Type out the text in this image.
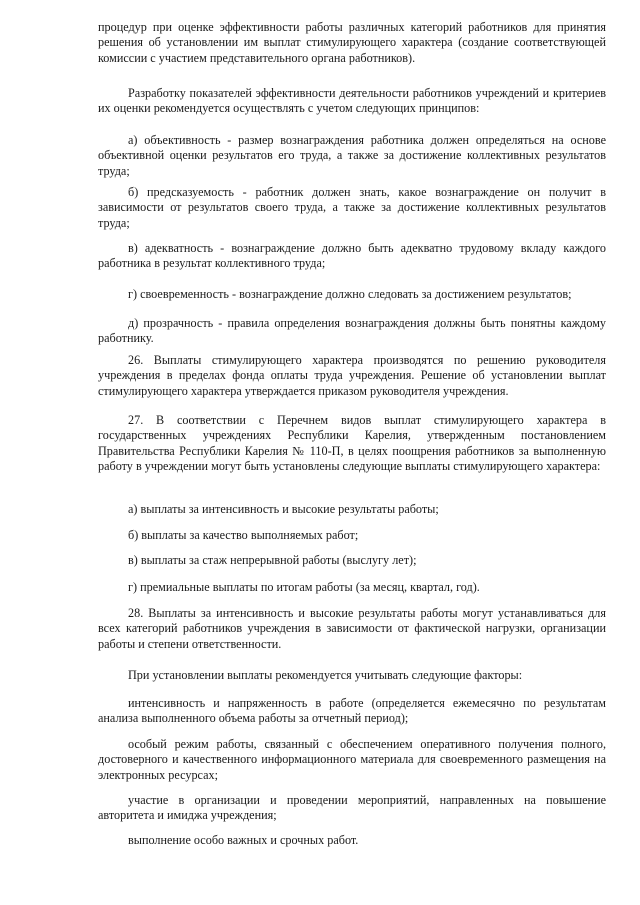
процедур при оценке эффективности работы различных категорий работников для принятия решения об установлении им выплат стимулирующего характера (создание соответствующей комиссии с участием представительного органа работников).

Разработку показателей эффективности деятельности работников учреждений и критериев их оценки рекомендуется осуществлять с учетом следующих принципов:

а) объективность - размер вознаграждения работника должен определяться на основе объективной оценки результатов его труда, а также за достижение коллективных результатов труда;

б) предсказуемость - работник должен знать, какое вознаграждение он получит в зависимости от результатов своего труда, а также за достижение коллективных результатов труда;

в) адекватность - вознаграждение должно быть адекватно трудовому вкладу каждого работника в результат коллективного труда;

г) своевременность - вознаграждение должно следовать за достижением результатов;

д) прозрачность - правила определения вознаграждения должны быть понятны каждому работнику.

26. Выплаты стимулирующего характера производятся по решению руководителя учреждения в пределах фонда оплаты труда учреждения. Решение об установлении выплат стимулирующего характера утверждается приказом руководителя учреждения.

27. В соответствии с Перечнем видов выплат стимулирующего характера в государственных учреждениях Республики Карелия, утвержденным постановлением Правительства Республики Карелия № 110-П, в целях поощрения работников за выполненную работу в учреждении могут быть установлены следующие выплаты стимулирующего характера:

а) выплаты за интенсивность и высокие результаты работы;

б) выплаты за качество выполняемых работ;

в) выплаты за стаж непрерывной работы (выслугу лет);

г) премиальные выплаты по итогам работы (за месяц, квартал, год).

28. Выплаты за интенсивность и высокие результаты работы могут устанавливаться для всех категорий работников учреждения в зависимости от фактической нагрузки, организации работы и степени ответственности.

При установлении выплаты рекомендуется учитывать следующие факторы:

интенсивность и напряженность в работе (определяется ежемесячно по результатам анализа выполненного объема работы за отчетный период);

особый режим работы, связанный с обеспечением оперативного получения полного, достоверного и качественного информационного материала для своевременного размещения на электронных ресурсах;

участие в организации и проведении мероприятий, направленных на повышение авторитета и имиджа учреждения;

выполнение особо важных и срочных работ.
